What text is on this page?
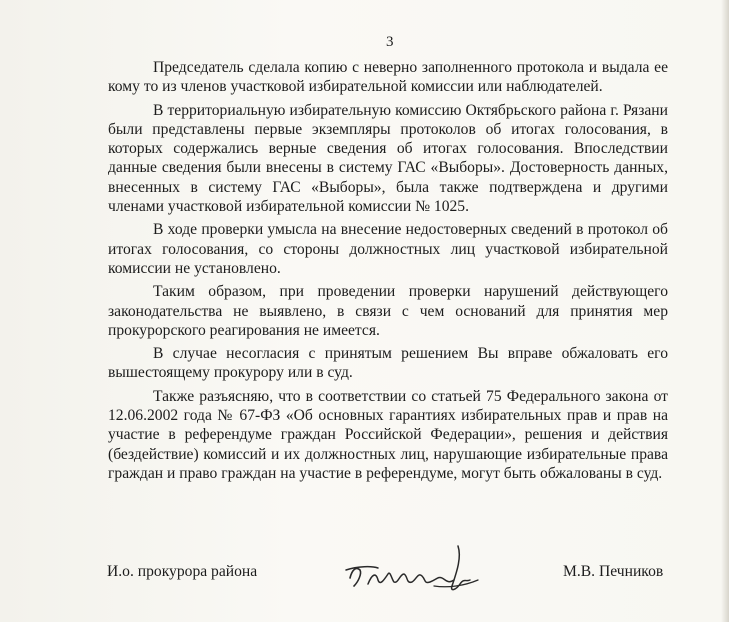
3

Председатель сделала копию с неверно заполненного протокола и выдала ее кому то из членов участковой избирательной комиссии или наблюдателей.

В территориальную избирательную комиссию Октябрьского района г. Рязани были представлены первые экземпляры протоколов об итогах голосования, в которых содержались верные сведения об итогах голосования. Впоследствии данные сведения были внесены в систему ГАС «Выборы». Достоверность данных, внесенных в систему ГАС «Выборы», была также подтверждена и другими членами участковой избирательной комиссии № 1025.

В ходе проверки умысла на внесение недостоверных сведений в протокол об итогах голосования, со стороны должностных лиц участковой избирательной комиссии не установлено.

Таким образом, при проведении проверки нарушений действующего законодательства не выявлено, в связи с чем оснований для принятия мер прокурорского реагирования не имеется.

В случае несогласия с принятым решением Вы вправе обжаловать его вышестоящему прокурору или в суд.

Также разъясняю, что в соответствии со статьей 75 Федерального закона от 12.06.2002 года № 67-ФЗ «Об основных гарантиях избирательных прав и прав на участие в референдуме граждан Российской Федерации», решения и действия (бездействие) комиссий и их должностных лиц, нарушающие избирательные права граждан и право граждан на участие в референдуме, могут быть обжалованы в суд.

И.о. прокурора района	М.В. Печников
